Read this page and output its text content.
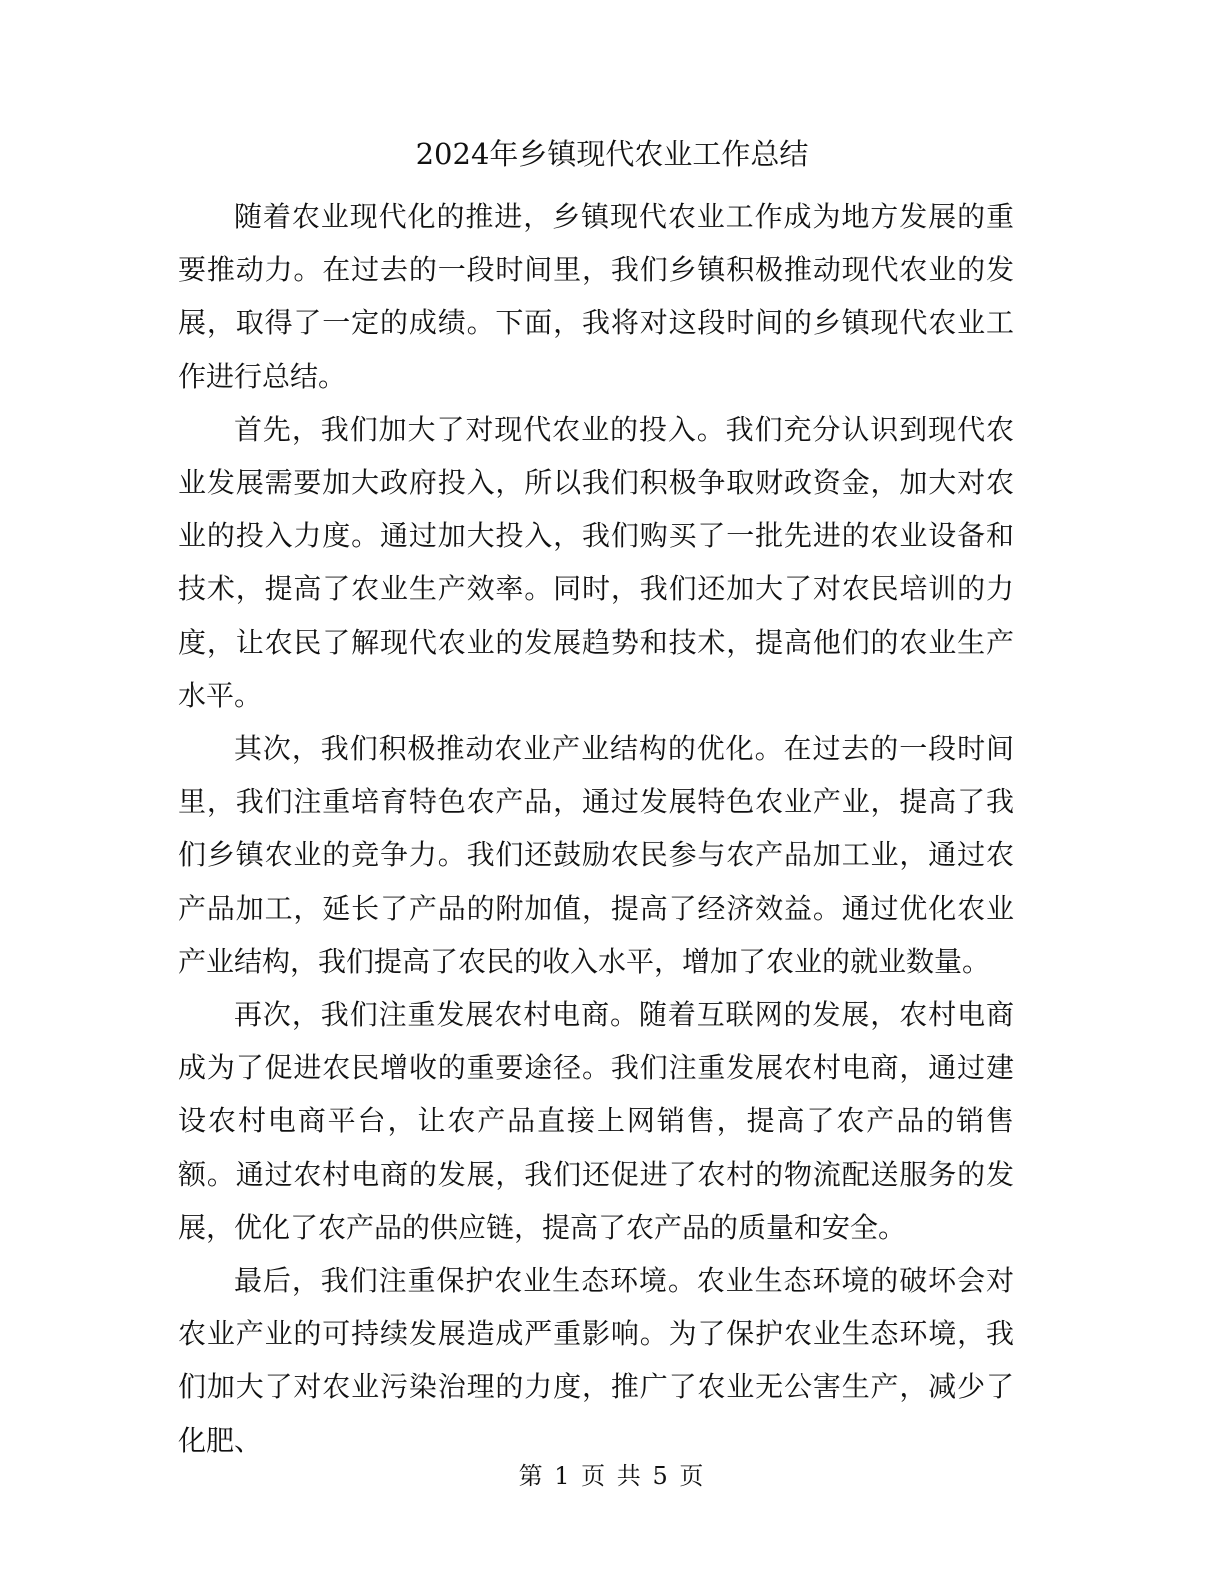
2024年乡镇现代农业工作总结

随着农业现代化的推进，乡镇现代农业工作成为地方发展的重要推动力。在过去的一段时间里，我们乡镇积极推动现代农业的发展，取得了一定的成绩。下面，我将对这段时间的乡镇现代农业工作进行总结。

首先，我们加大了对现代农业的投入。我们充分认识到现代农业发展需要加大政府投入，所以我们积极争取财政资金，加大对农业的投入力度。通过加大投入，我们购买了一批先进的农业设备和技术，提高了农业生产效率。同时，我们还加大了对农民培训的力度，让农民了解现代农业的发展趋势和技术，提高他们的农业生产水平。

其次，我们积极推动农业产业结构的优化。在过去的一段时间里，我们注重培育特色农产品，通过发展特色农业产业，提高了我们乡镇农业的竞争力。我们还鼓励农民参与农产品加工业，通过农产品加工，延长了产品的附加值，提高了经济效益。通过优化农业产业结构，我们提高了农民的收入水平，增加了农业的就业数量。

再次，我们注重发展农村电商。随着互联网的发展，农村电商成为了促进农民增收的重要途径。我们注重发展农村电商，通过建设农村电商平台，让农产品直接上网销售，提高了农产品的销售额。通过农村电商的发展，我们还促进了农村的物流配送服务的发展，优化了农产品的供应链，提高了农产品的质量和安全。

最后，我们注重保护农业生态环境。农业生态环境的破坏会对农业产业的可持续发展造成严重影响。为了保护农业生态环境，我们加大了对农业污染治理的力度，推广了农业无公害生产，减少了化肥、

第 1 页 共 5 页
